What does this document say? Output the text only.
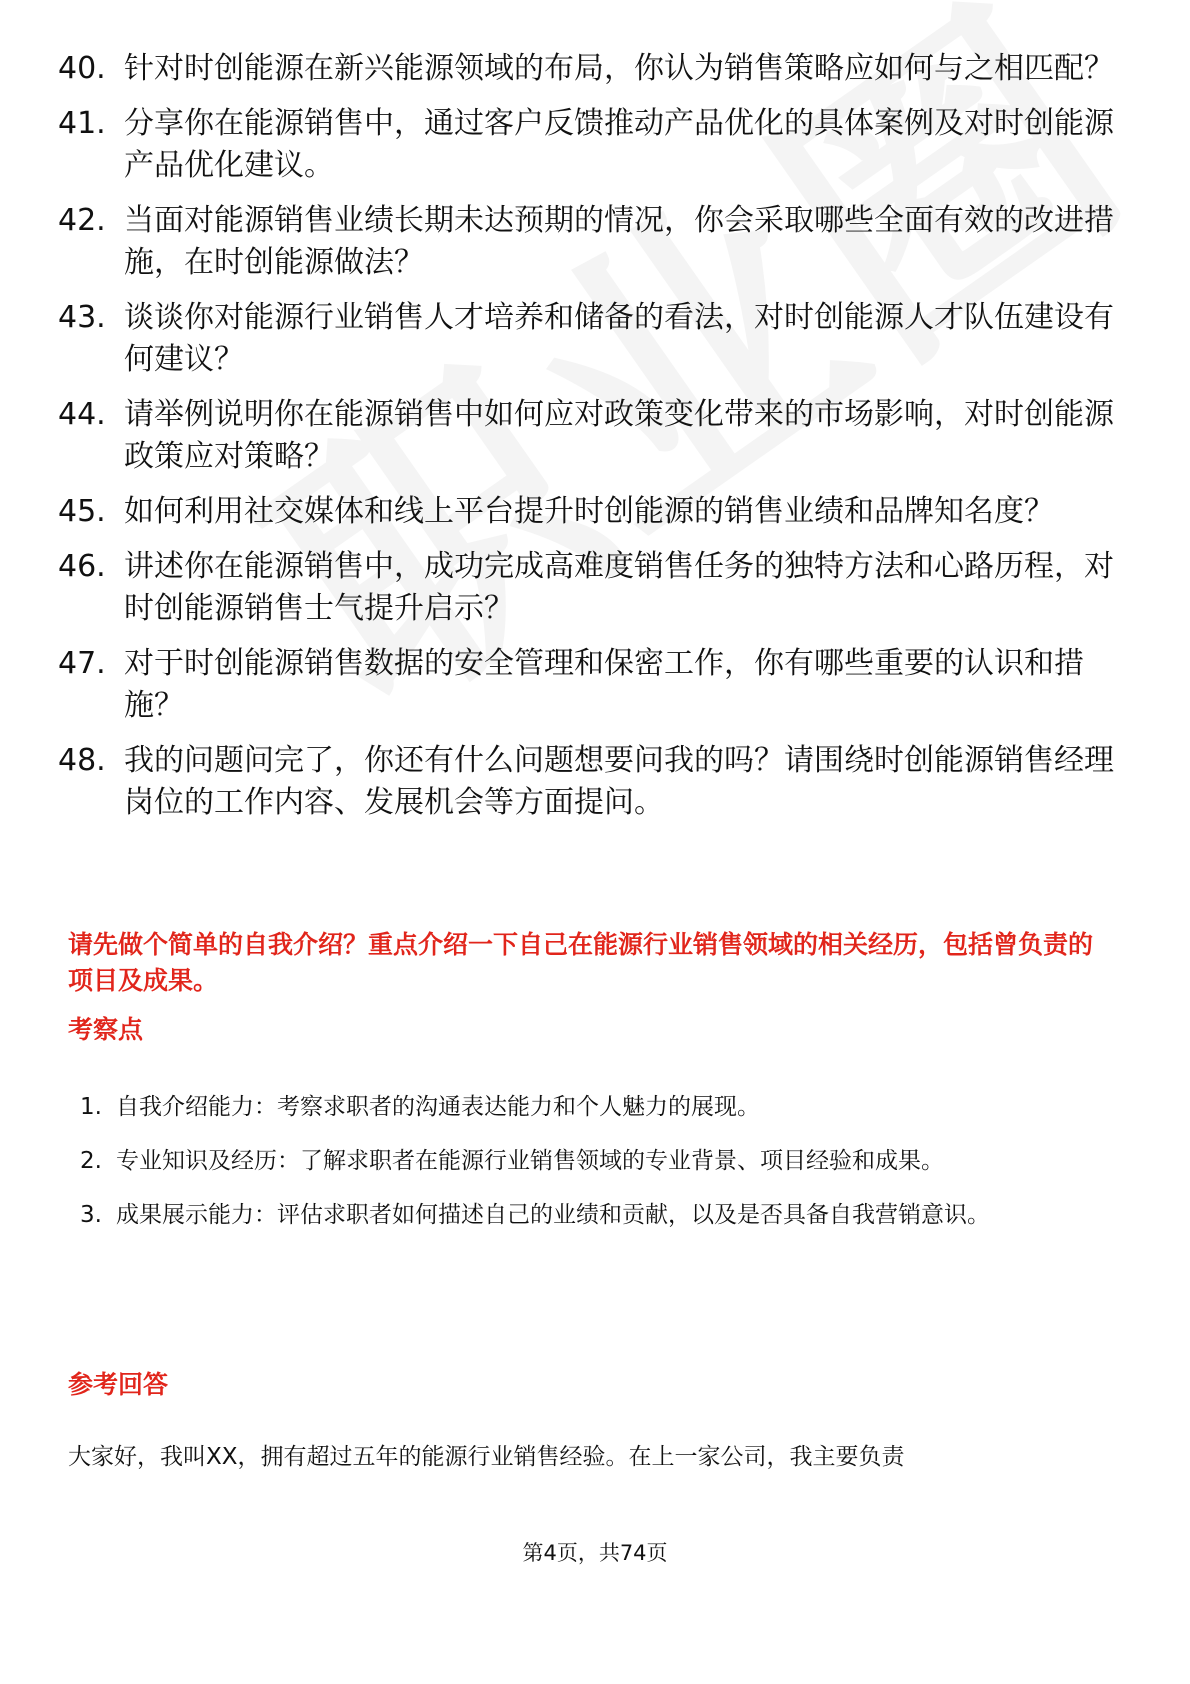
40. 针对时创能源在新兴能源领域的布局，你认为销售策略应如何与之相匹配？
41. 分享你在能源销售中，通过客户反馈推动产品优化的具体案例及对时创能源产品优化建议。
42. 当面对能源销售业绩长期未达预期的情况，你会采取哪些全面有效的改进措施，在时创能源做法？
43. 谈谈你对能源行业销售人才培养和储备的看法，对时创能源人才队伍建设有何建议？
44. 请举例说明你在能源销售中如何应对政策变化带来的市场影响，对时创能源政策应对策略？
45. 如何利用社交媒体和线上平台提升时创能源的销售业绩和品牌知名度？
46. 讲述你在能源销售中，成功完成高难度销售任务的独特方法和心路历程，对时创能源销售士气提升启示？
47. 对于时创能源销售数据的安全管理和保密工作，你有哪些重要的认识和措施？
48. 我的问题问完了，你还有什么问题想要问我的吗？请围绕时创能源销售经理岗位的工作内容、发展机会等方面提问。

请先做个简单的自我介绍？重点介绍一下自己在能源行业销售领域的相关经历，包括曾负责的项目及成果。

考察点
1. 自我介绍能力：考察求职者的沟通表达能力和个人魅力的展现。
2. 专业知识及经历：了解求职者在能源行业销售领域的专业背景、项目经验和成果。
3. 成果展示能力：评估求职者如何描述自己的业绩和贡献，以及是否具备自我营销意识。
参考回答

大家好，我叫XX，拥有超过五年的能源行业销售经验。在上一家公司，我主要负责

第4页，共74页
